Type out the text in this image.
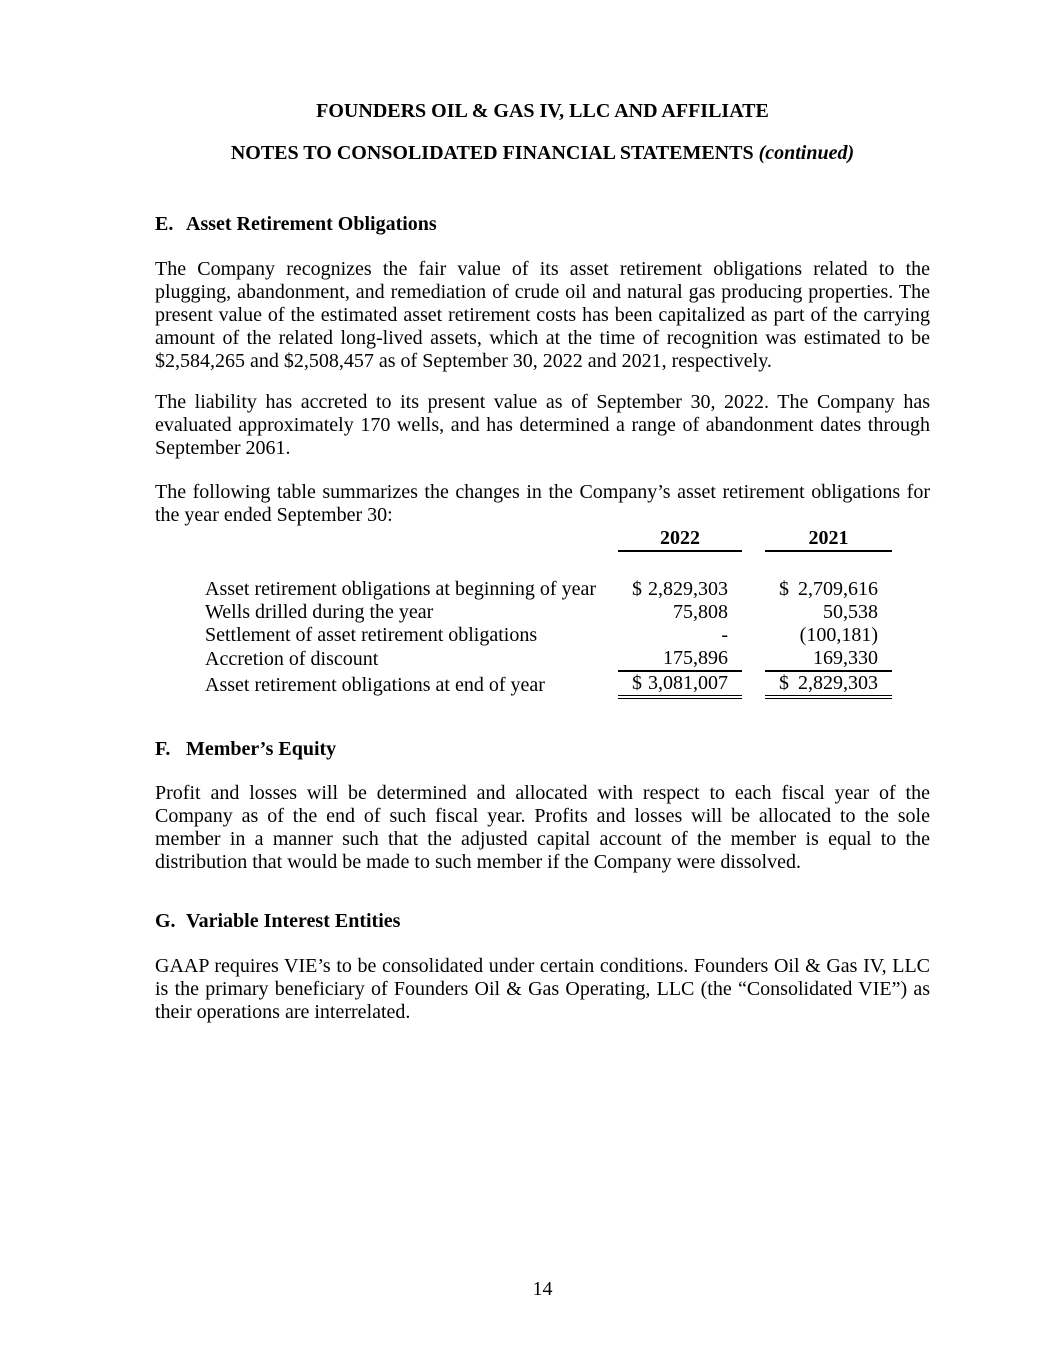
FOUNDERS OIL & GAS IV, LLC AND AFFILIATE
NOTES TO CONSOLIDATED FINANCIAL STATEMENTS (continued)
E. Asset Retirement Obligations
The Company recognizes the fair value of its asset retirement obligations related to the plugging, abandonment, and remediation of crude oil and natural gas producing properties. The present value of the estimated asset retirement costs has been capitalized as part of the carrying amount of the related long-lived assets, which at the time of recognition was estimated to be $2,584,265 and $2,508,457 as of September 30, 2022 and 2021, respectively.
The liability has accreted to its present value as of September 30, 2022. The Company has evaluated approximately 170 wells, and has determined a range of abandonment dates through September 2061.
The following table summarizes the changes in the Company’s asset retirement obligations for the year ended September 30:
	2022		2021

Asset retirement obligations at beginning of year	$ 2,829,303		$ 2,709,616

Wells drilled during the year	75,808		50,538

Settlement of asset retirement obligations	-		(100,181)

Accretion of discount	175,896		169,330

Asset retirement obligations at end of year	$ 3,081,007		$ 2,829,303
F. Member’s Equity
Profit and losses will be determined and allocated with respect to each fiscal year of the Company as of the end of such fiscal year. Profits and losses will be allocated to the sole member in a manner such that the adjusted capital account of the member is equal to the distribution that would be made to such member if the Company were dissolved.
G. Variable Interest Entities
GAAP requires VIE’s to be consolidated under certain conditions. Founders Oil & Gas IV, LLC is the primary beneficiary of Founders Oil & Gas Operating, LLC (the “Consolidated VIE”) as their operations are interrelated.
14
